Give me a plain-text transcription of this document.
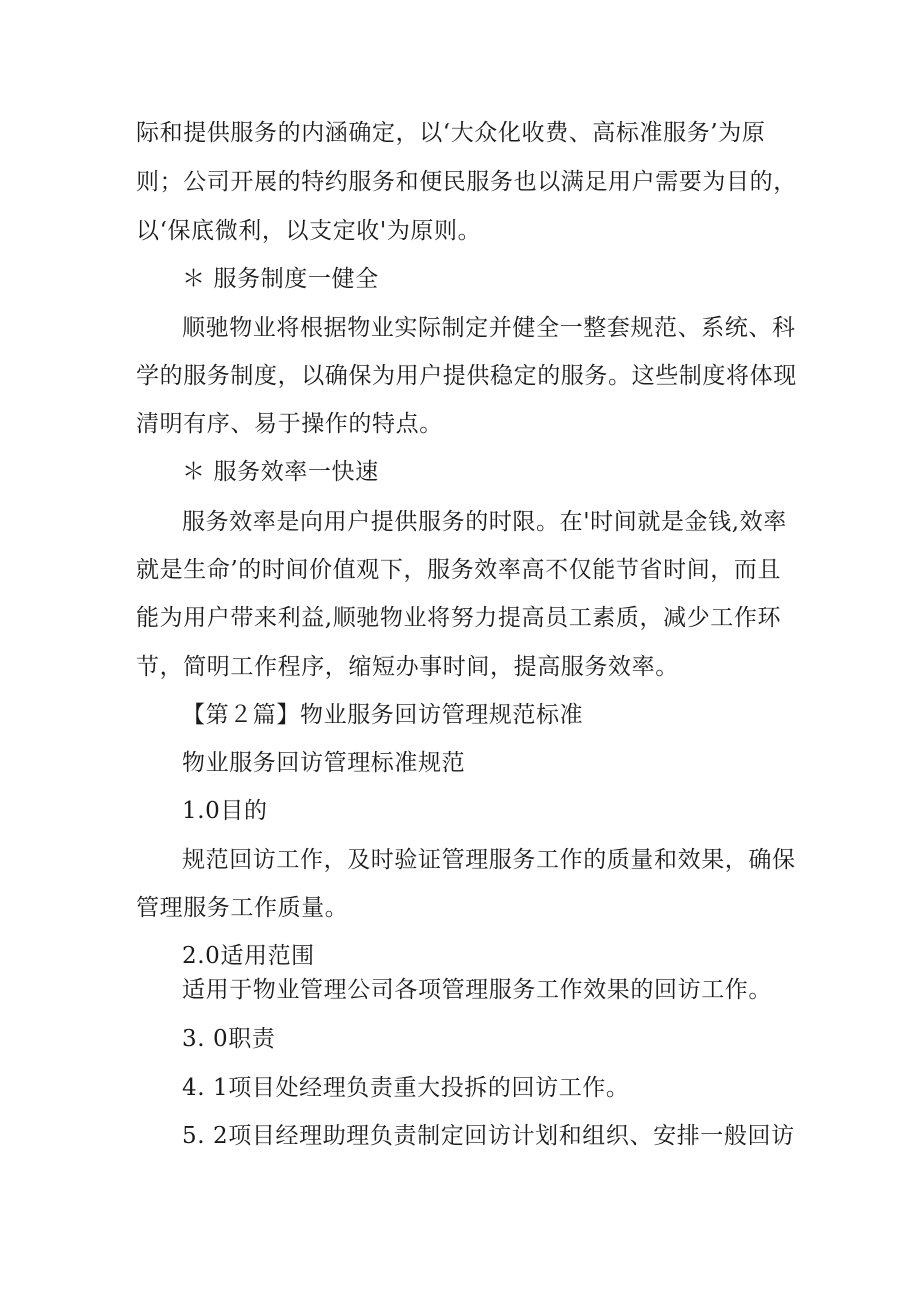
际和提供服务的内涵确定，以‘大众化收费、高标准服务’为原
则；公司开展的特约服务和便民服务也以满足用户需要为目的，
以‘保底微利，以支定收'为原则。
＊ 服务制度一健全
顺驰物业将根据物业实际制定并健全一整套规范、系统、科
学的服务制度，以确保为用户提供稳定的服务。这些制度将体现
清明有序、易于操作的特点。
＊ 服务效率一快速
服务效率是向用户提供服务的时限。在'时间就是金钱,效率
就是生命’的时间价值观下，服务效率高不仅能节省时间，而且
能为用户带来利益,顺驰物业将努力提高员工素质，减少工作环
节，简明工作程序，缩短办事时间，提高服务效率。
【第２篇】物业服务回访管理规范标准
物业服务回访管理标准规范
1.0目的
规范回访工作，及时验证管理服务工作的质量和效果，确保
管理服务工作质量。
2.0适用范围
适用于物业管理公司各项管理服务工作效果的回访工作。
3. 0职责
4. 1项目处经理负责重大投拆的回访工作。
5. 2项目经理助理负责制定回访计划和组织、安排一般回访
